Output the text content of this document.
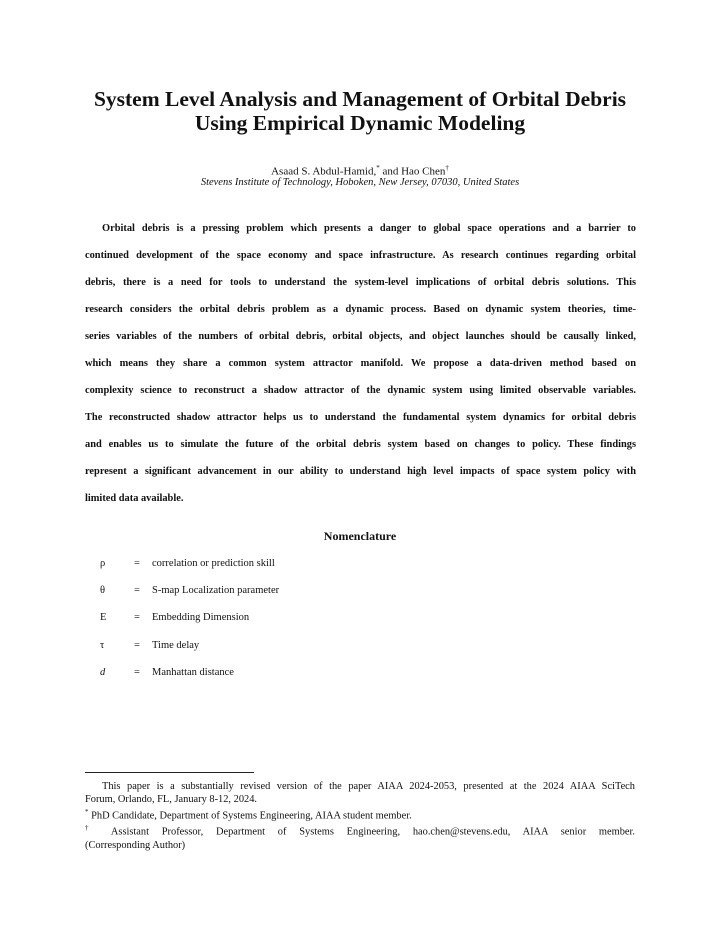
System Level Analysis and Management of Orbital Debris
Using Empirical Dynamic Modeling
Asaad S. Abdul-Hamid,* and Hao Chen†
Stevens Institute of Technology, Hoboken, New Jersey, 07030, United States
Orbital debris is a pressing problem which presents a danger to global space operations and a barrier to
continued development of the space economy and space infrastructure. As research continues regarding orbital
debris, there is a need for tools to understand the system-level implications of orbital debris solutions. This
research considers the orbital debris problem as a dynamic process. Based on dynamic system theories, time-
series variables of the numbers of orbital debris, orbital objects, and object launches should be causally linked,
which means they share a common system attractor manifold. We propose a data-driven method based on
complexity science to reconstruct a shadow attractor of the dynamic system using limited observable variables.
The reconstructed shadow attractor helps us to understand the fundamental system dynamics for orbital debris
and enables us to simulate the future of the orbital debris system based on changes to policy. These findings
represent a significant advancement in our ability to understand high level impacts of space system policy with
limited data available.
Nomenclature
ρ	=	correlation or prediction skill
θ	=	S-map Localization parameter
E	=	Embedding Dimension
τ	=	Time delay
d	=	Manhattan distance
This paper is a substantially revised version of the paper AIAA 2024-2053, presented at the 2024 AIAA SciTech
Forum, Orlando, FL, January 8-12, 2024.
* PhD Candidate, Department of Systems Engineering, AIAA student member.
† Assistant Professor, Department of Systems Engineering, hao.chen@stevens.edu, AIAA senior member.
(Corresponding Author)
